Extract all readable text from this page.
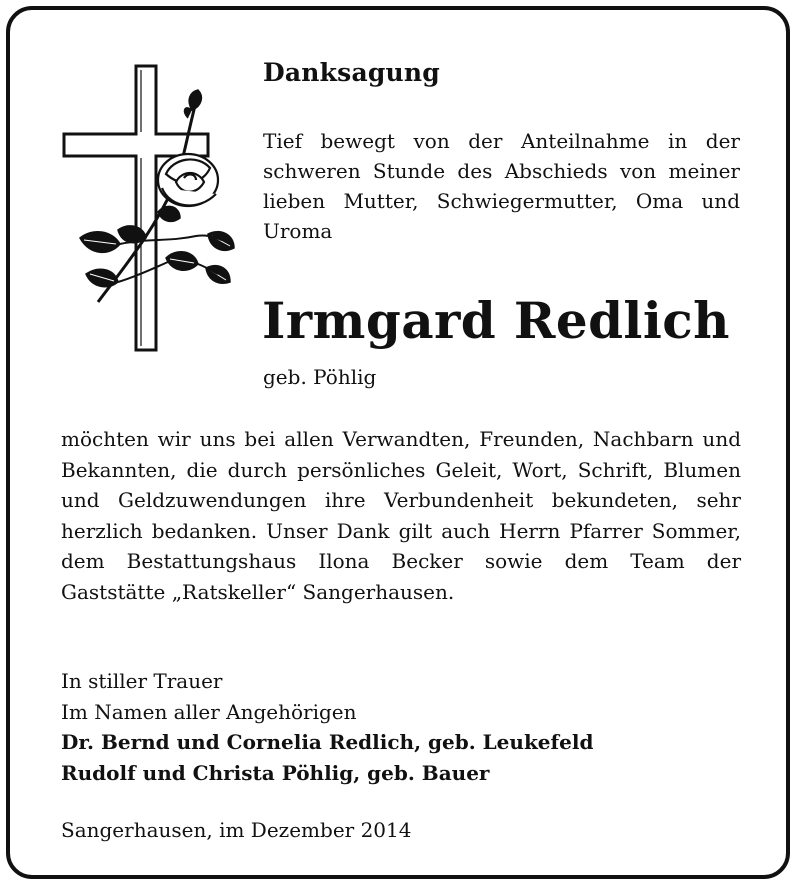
Danksagung
Tief bewegt von der Anteilnahme in der schweren Stunde des Abschieds von meiner lieben Mutter, Schwiegermutter, Oma und Uroma
Irmgard Redlich
geb. Pöhlig
möchten wir uns bei allen Verwandten, Freunden, Nachbarn und Bekannten, die durch persönliches Geleit, Wort, Schrift, Blumen und Geldzuwendungen ihre Verbundenheit bekundeten, sehr herzlich bedanken. Unser Dank gilt auch Herrn Pfarrer Sommer, dem Bestattungshaus Ilona Becker sowie dem Team der Gaststätte „Ratskeller“ Sangerhausen.
In stiller Trauer
Im Namen aller Angehörigen
Dr. Bernd und Cornelia Redlich, geb. Leukefeld
Rudolf und Christa Pöhlig, geb. Bauer
Sangerhausen, im Dezember 2014
